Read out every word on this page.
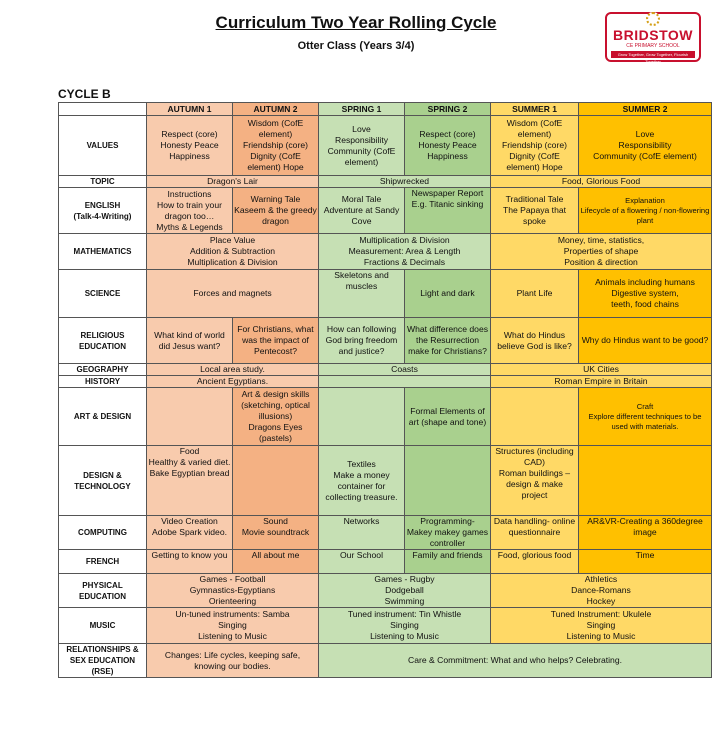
Curriculum Two Year Rolling Cycle
Otter Class (Years 3/4)
BRIDSTOW
CE PRIMARY SCHOOL
Grow Together, Grow Together, Flourish Together
CYCLE B
	AUTUMN 1	AUTUMN 2	SPRING 1	SPRING 2	SUMMER 1	SUMMER 2
VALUES	Respect (core)
Honesty Peace
Happiness	Wisdom (CofE element)
Friendship (core)
Dignity (CofE element) Hope	Love
Responsibility
Community (CofE element)	Respect (core)
Honesty Peace
Happiness	Wisdom (CofE element)
Friendship (core)
Dignity (CofE element) Hope	Love
Responsibility
Community (CofE element)
TOPIC	Dragon's Lair		Shipwrecked		Food, Glorious Food	
ENGLISH
(Talk-4-Writing)	Instructions
How to train your dragon too…
Myths & Legends	Warning Tale
Kaseem & the greedy dragon	Moral Tale
Adventure at Sandy Cove	Newspaper Report
E.g. Titanic sinking	Traditional Tale
The Papaya that spoke	Explanation
Lifecycle of a flowering / non-flowering plant

MATHEMATICS	Place Value
Addition & Subtraction
Multiplication & Division		Multiplication & Division
Measurement: Area & Length
Fractions & Decimals		Money, time, statistics,
Properties of shape
Position & direction	
SCIENCE	Forces and magnets		Skeletons and muscles	Light and dark	Plant Life	Animals including humans
Digestive system,
teeth, food chains
RELIGIOUS
EDUCATION	What kind of world did Jesus want?	For Christians, what was the impact of Pentecost?	How can following God bring freedom and justice?	What difference does the Resurrection make for Christians?	What do Hindus believe God is like?	Why do Hindus want to be good?
GEOGRAPHY	Local area study.		Coasts		UK Cities	
HISTORY	Ancient Egyptians.				Roman Empire in Britain	
ART & DESIGN		Art & design skills (sketching, optical illusions)
Dragons Eyes (pastels)		Formal Elements of art (shape and tone)		Craft
Explore different techniques to be used with materials.

DESIGN &
TECHNOLOGY	Food
Healthy & varied diet.
Bake Egyptian bread		Textiles
Make a money container for collecting treasure.		Structures (including CAD)
Roman buildings – design & make project	
COMPUTING	Video Creation
Adobe Spark video.	Sound
Movie soundtrack	Networks	Programming-
Makey makey games controller	Data handling- online questionnaire	AR&VR-Creating a 360degree image
FRENCH	Getting to know you	All about me	Our School	Family and friends	Food, glorious food	Time
PHYSICAL
EDUCATION	Games - Football
Gymnastics-Egyptians
Orienteering		Games - Rugby
Dodgeball
Swimming		Athletics
Dance-Romans
Hockey	
MUSIC	Un-tuned instruments: Samba
Singing
Listening to Music		Tuned instrument: Tin Whistle
Singing
Listening to Music		Tuned Instrument: Ukulele
Singing
Listening to Music	
RELATIONSHIPS &
SEX EDUCATION
(RSE)	Changes: Life cycles, keeping safe, knowing our bodies.		Care & Commitment: What and who helps? Celebrating.			
